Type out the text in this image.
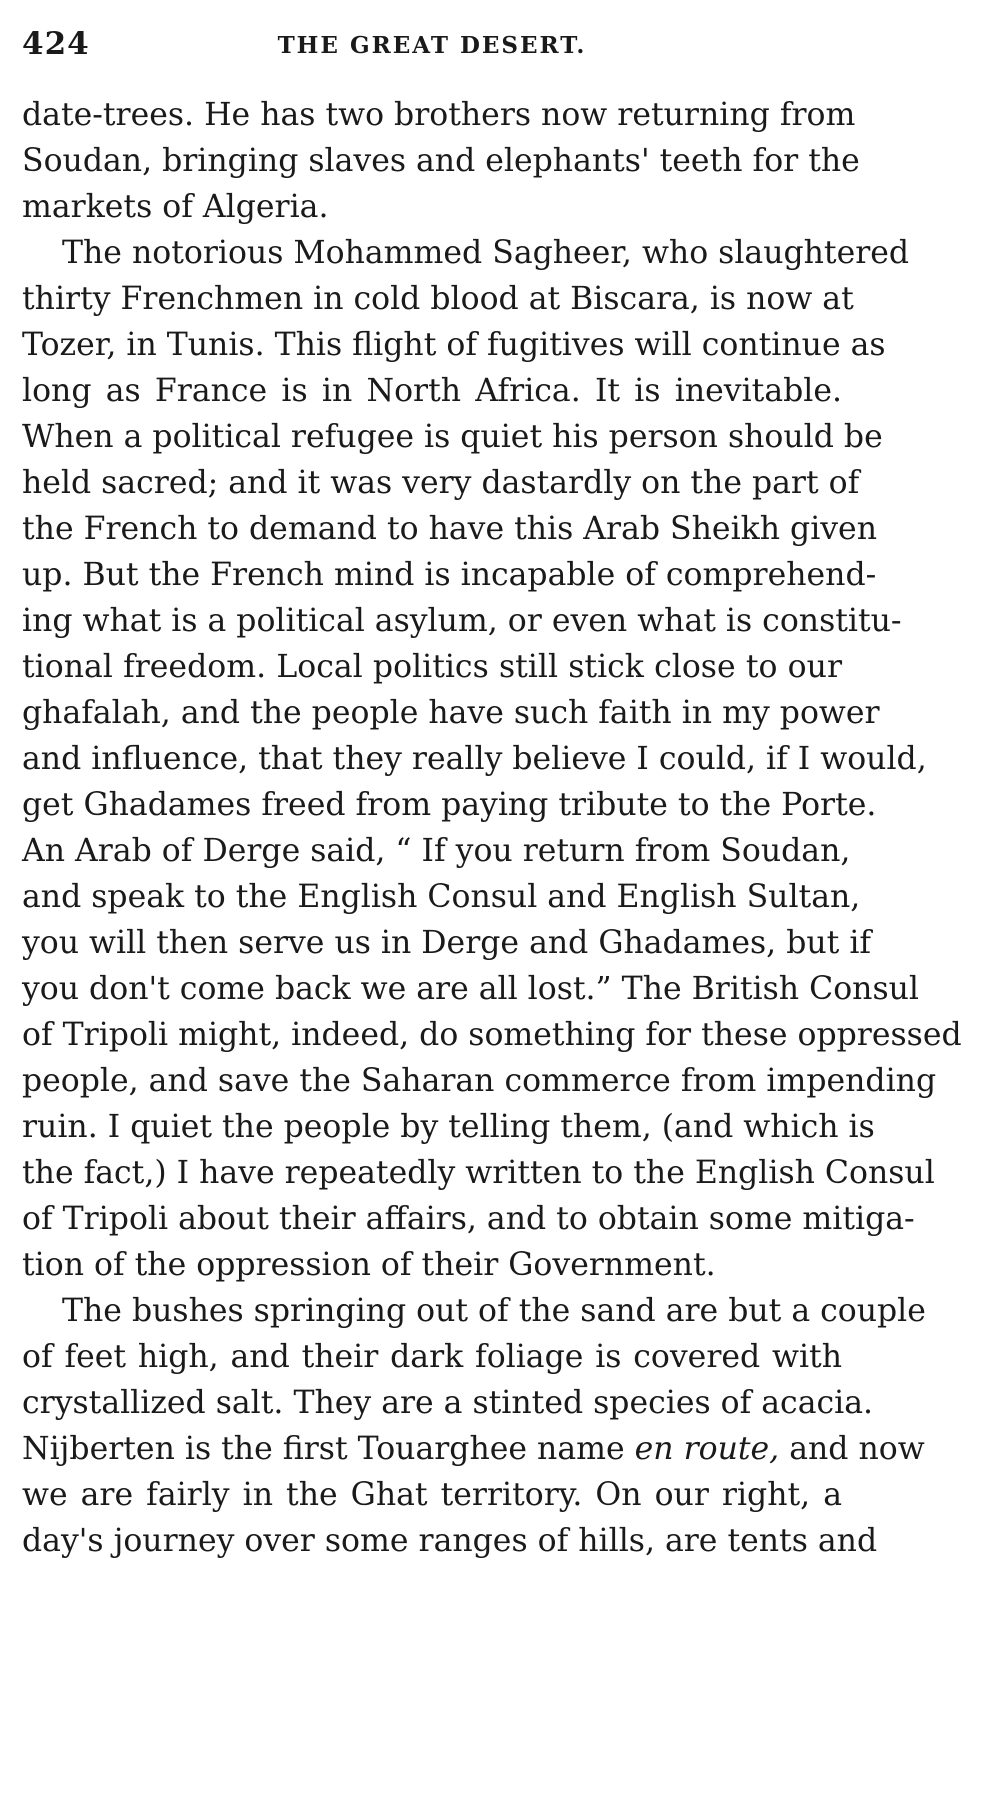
424	THE GREAT DESERT.
date-trees. He has two brothers now returning from
Soudan, bringing slaves and elephants' teeth for the
markets of Algeria.
The notorious Mohammed Sagheer, who slaughtered
thirty Frenchmen in cold blood at Biscara, is now at
Tozer, in Tunis. This flight of fugitives will continue as
long as France is in North Africa. It is inevitable.
When a political refugee is quiet his person should be
held sacred; and it was very dastardly on the part of
the French to demand to have this Arab Sheikh given
up. But the French mind is incapable of comprehend-
ing what is a political asylum, or even what is constitu-
tional freedom. Local politics still stick close to our
ghafalah, and the people have such faith in my power
and influence, that they really believe I could, if I would,
get Ghadames freed from paying tribute to the Porte.
An Arab of Derge said, “ If you return from Soudan,
and speak to the English Consul and English Sultan,
you will then serve us in Derge and Ghadames, but if
you don't come back we are all lost.” The British Consul
of Tripoli might, indeed, do something for these oppressed
people, and save the Saharan commerce from impending
ruin. I quiet the people by telling them, (and which is
the fact,) I have repeatedly written to the English Consul
of Tripoli about their affairs, and to obtain some mitiga-
tion of the oppression of their Government.
The bushes springing out of the sand are but a couple
of feet high, and their dark foliage is covered with
crystallized salt. They are a stinted species of acacia.
Nijberten is the first Touarghee name en route, and now
we are fairly in the Ghat territory. On our right, a
day's journey over some ranges of hills, are tents and
